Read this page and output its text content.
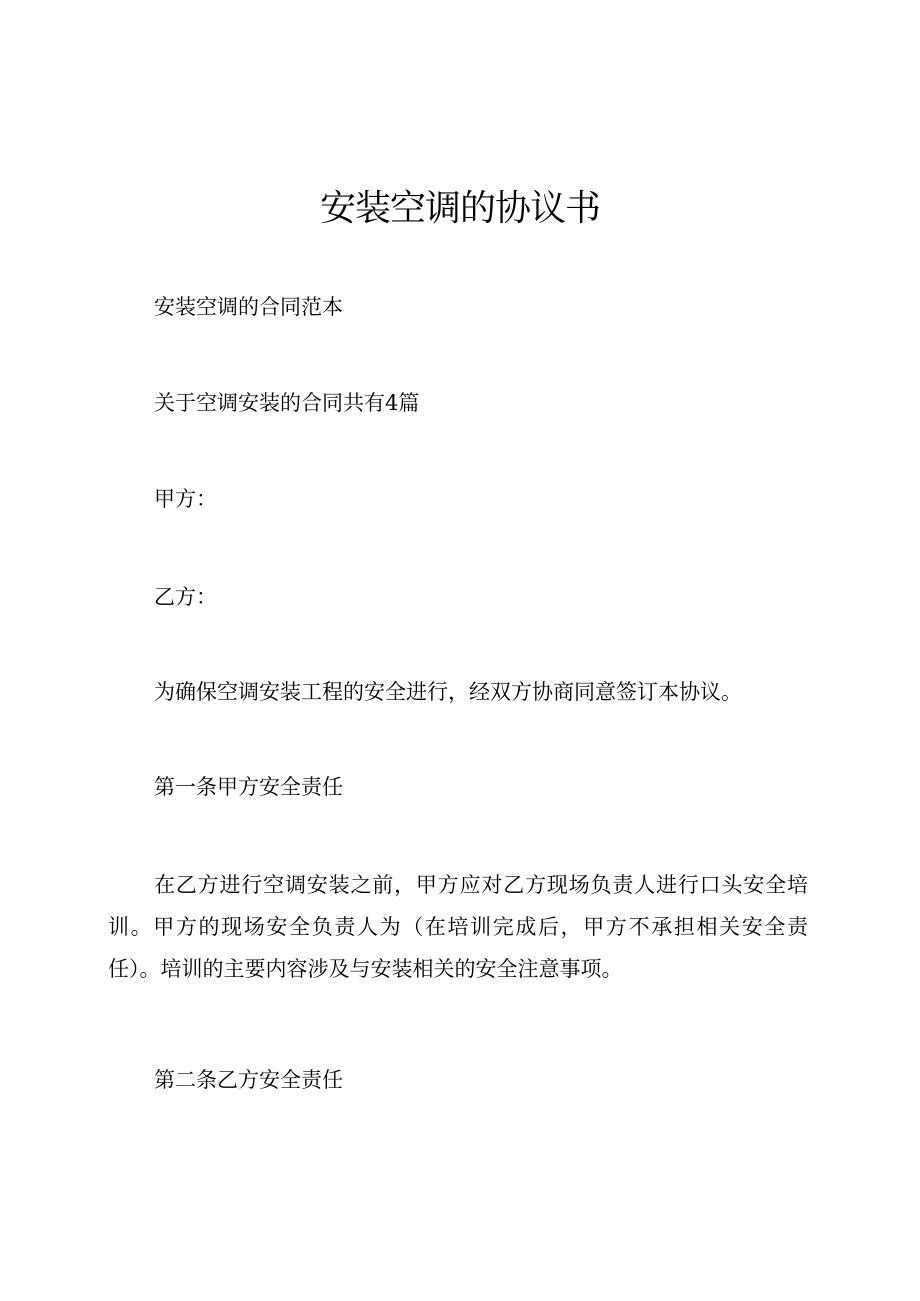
安装空调的协议书

安装空调的合同范本

关于空调安装的合同共有4篇

甲方：

乙方：

为确保空调安装工程的安全进行，经双方协商同意签订本协议。

第一条甲方安全责任

在乙方进行空调安装之前，甲方应对乙方现场负责人进行口头安全培训。甲方的现场安全负责人为（在培训完成后，甲方不承担相关安全责任）。培训的主要内容涉及与安装相关的安全注意事项。

第二条乙方安全责任
